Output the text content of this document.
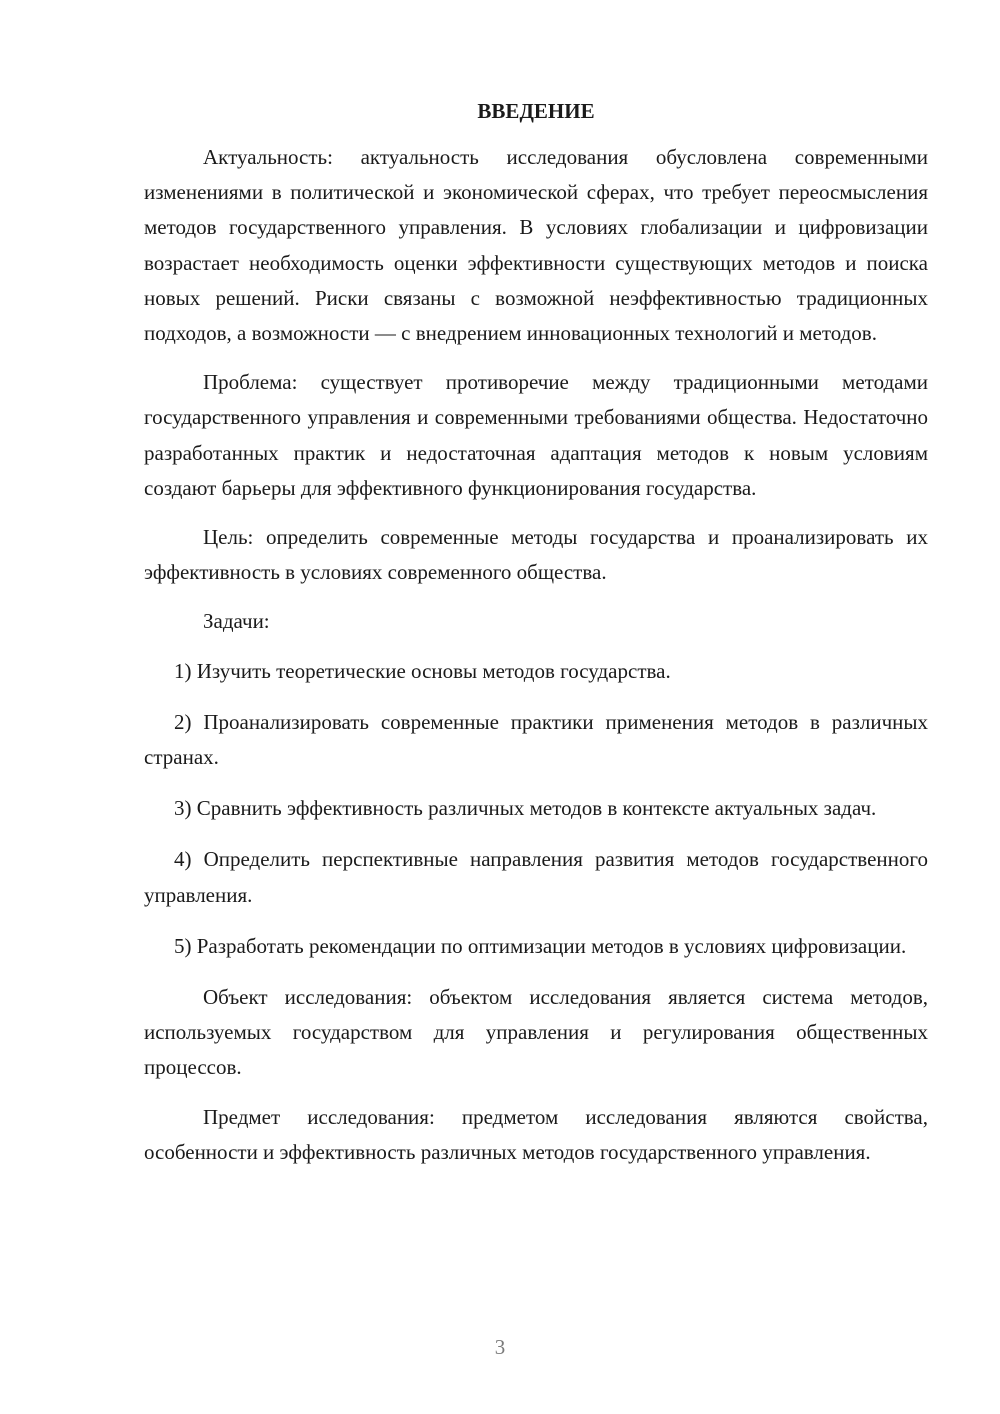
ВВЕДЕНИЕ

Актуальность: актуальность исследования обусловлена современными изменениями в политической и экономической сферах, что требует переосмысления методов государственного управления. В условиях глобализации и цифровизации возрастает необходимость оценки эффективности существующих методов и поиска новых решений. Риски связаны с возможной неэффективностью традиционных подходов, а возможности — с внедрением инновационных технологий и методов.

Проблема: существует противоречие между традиционными методами государственного управления и современными требованиями общества. Недостаточно разработанных практик и недостаточная адаптация методов к новым условиям создают барьеры для эффективного функционирования государства.

Цель: определить современные методы государства и проанализировать их эффективность в условиях современного общества.

Задачи:

1) Изучить теоретические основы методов государства.

2) Проанализировать современные практики применения методов в различных странах.

3) Сравнить эффективность различных методов в контексте актуальных задач.

4) Определить перспективные направления развития методов государственного управления.

5) Разработать рекомендации по оптимизации методов в условиях цифровизации.

Объект исследования: объектом исследования является система методов, используемых государством для управления и регулирования общественных процессов.

Предмет исследования: предметом исследования являются свойства, особенности и эффективность различных методов государственного управления.

3
